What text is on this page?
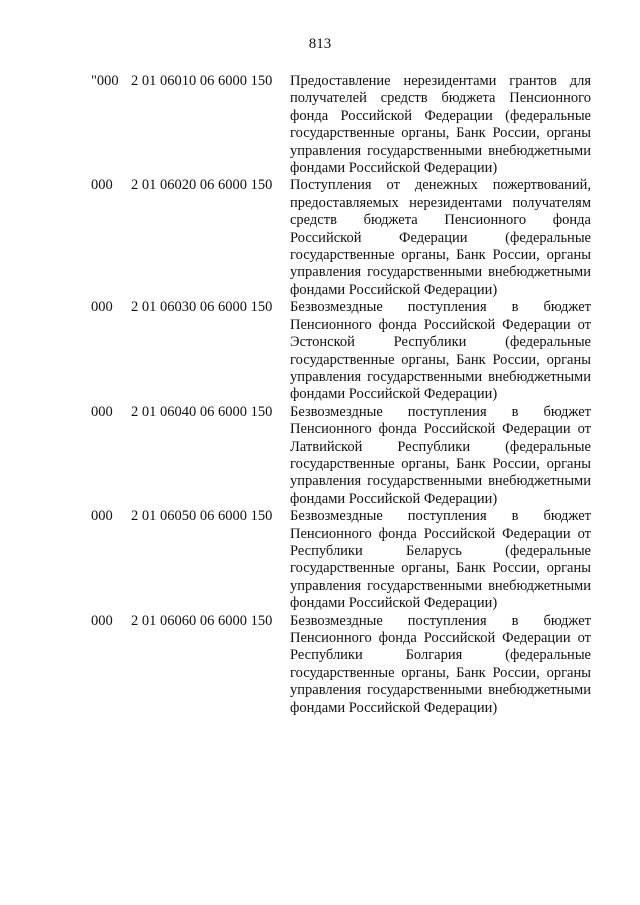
813
"000 2 01 06010 06 6000 150 Предоставление нерезидентами грантов для получателей средств бюджета Пенсионного фонда Российской Федерации (федеральные государственные органы, Банк России, органы управления государственными внебюджетными фондами Российской Федерации)
000 2 01 06020 06 6000 150 Поступления от денежных пожертвований, предоставляемых нерезидентами получателям средств бюджета Пенсионного фонда Российской Федерации (федеральные государственные органы, Банк России, органы управления государственными внебюджетными фондами Российской Федерации)
000 2 01 06030 06 6000 150 Безвозмездные поступления в бюджет Пенсионного фонда Российской Федерации от Эстонской Республики (федеральные государственные органы, Банк России, органы управления государственными внебюджетными фондами Российской Федерации)
000 2 01 06040 06 6000 150 Безвозмездные поступления в бюджет Пенсионного фонда Российской Федерации от Латвийской Республики (федеральные государственные органы, Банк России, органы управления государственными внебюджетными фондами Российской Федерации)
000 2 01 06050 06 6000 150 Безвозмездные поступления в бюджет Пенсионного фонда Российской Федерации от Республики Беларусь (федеральные государственные органы, Банк России, органы управления государственными внебюджетными фондами Российской Федерации)
000 2 01 06060 06 6000 150 Безвозмездные поступления в бюджет Пенсионного фонда Российской Федерации от Республики Болгария (федеральные государственные органы, Банк России, органы управления государственными внебюджетными фондами Российской Федерации)
